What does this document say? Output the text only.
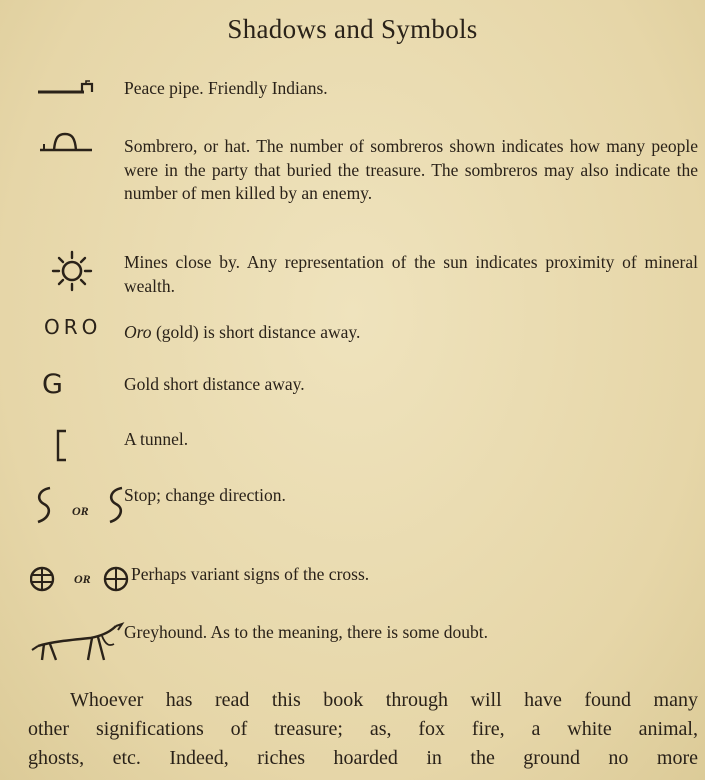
Shadows and Symbols
Peace pipe. Friendly Indians.
Sombrero, or hat. The number of sombreros shown indicates how many people were in the party that buried the treasure. The sombreros may also indicate the number of men killed by an enemy.
Mines close by. Any representation of the sun indicates proximity of mineral wealth.
ORO Oro (gold) is short distance away.
G	Gold short distance away.
A tunnel.
OR
Stop; change direction.
OR Perhaps variant signs of the cross.
Greyhound. As to the meaning, there is some doubt.
Whoever has read this book through will have found many
other significations of treasure; as, fox fire, a white animal,
ghosts, etc. Indeed, riches hoarded in the ground no more
